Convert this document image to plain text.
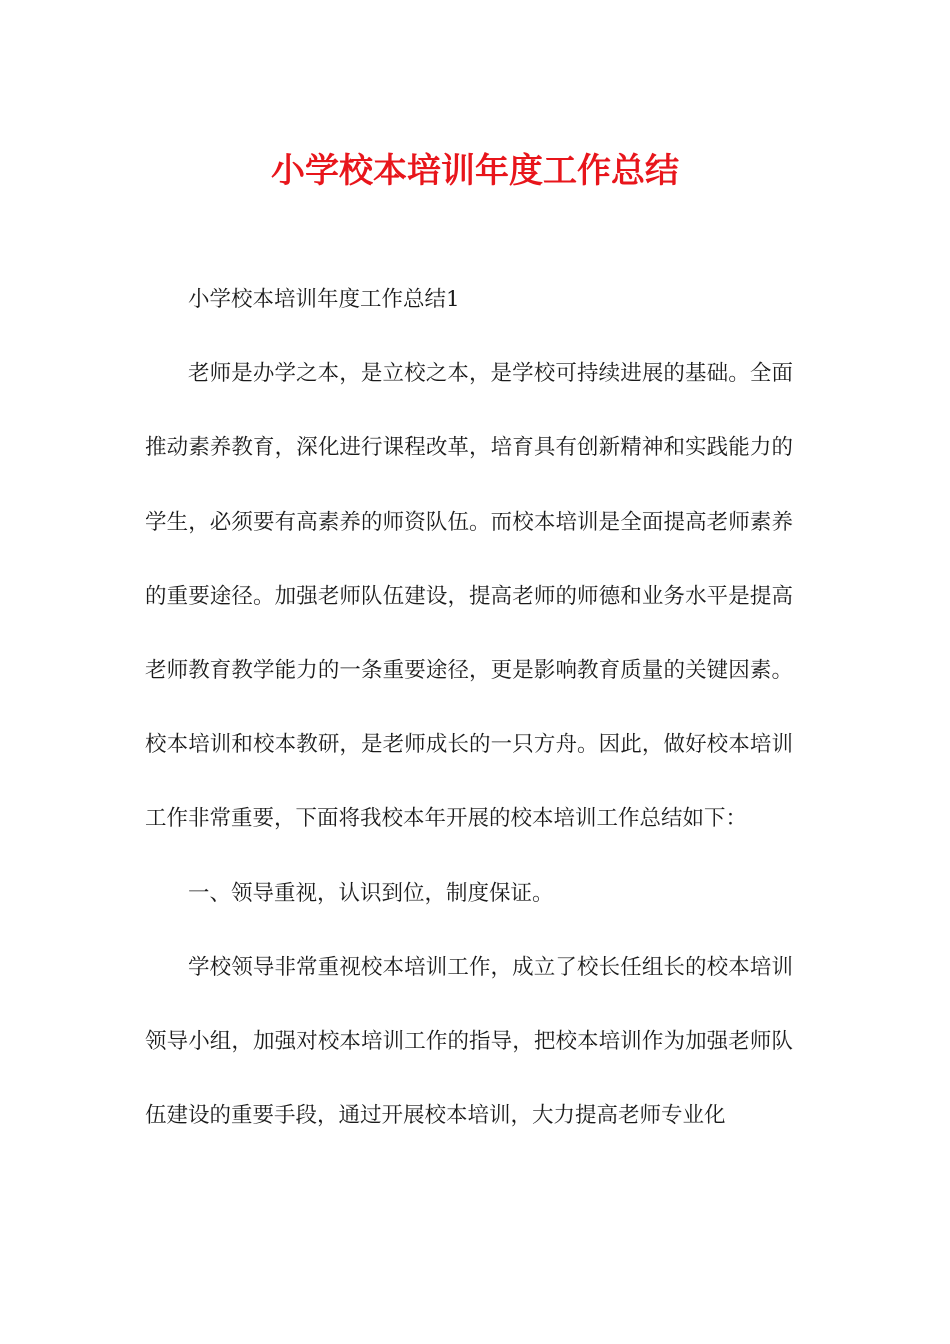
小学校本培训年度工作总结

小学校本培训年度工作总结1

老师是办学之本，是立校之本，是学校可持续进展的基础。全面推动素养教育，深化进行课程改革，培育具有创新精神和实践能力的学生，必须要有高素养的师资队伍。而校本培训是全面提高老师素养的重要途径。加强老师队伍建设，提高老师的师德和业务水平是提高老师教育教学能力的一条重要途径，更是影响教育质量的关键因素。校本培训和校本教研，是老师成长的一只方舟。因此，做好校本培训工作非常重要，下面将我校本年开展的校本培训工作总结如下：

一、领导重视，认识到位，制度保证。

学校领导非常重视校本培训工作，成立了校长任组长的校本培训领导小组，加强对校本培训工作的指导，把校本培训作为加强老师队伍建设的重要手段，通过开展校本培训，大力提高老师专业化
